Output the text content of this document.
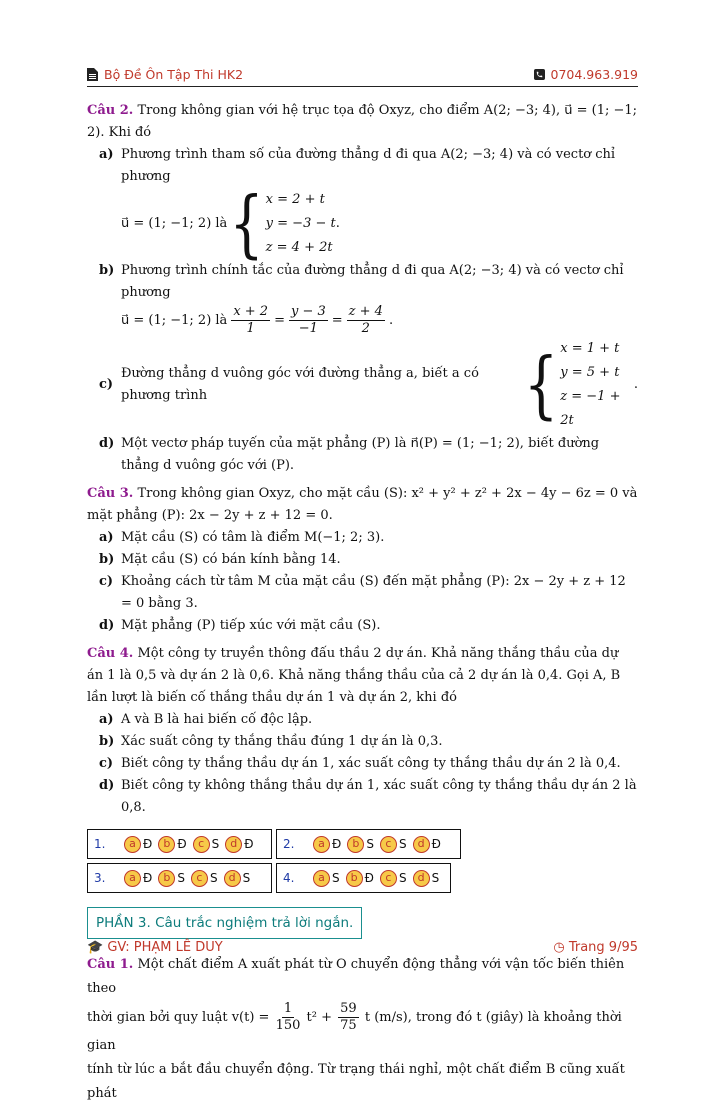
Bộ Đề Ôn Tập Thi HK2	0704.963.919
Câu 2. Trong không gian với hệ trục tọa độ Oxyz, cho điểm A(2; −3; 4), u⃗ = (1; −1; 2). Khi đó
a) Phương trình tham số của đường thẳng d đi qua A(2; −3; 4) và có vectơ chỉ phương
u⃗ = (1; −1; 2) là { x = 2 + t
y = −3 − t
z = 4 + 2t
.
b) Phương trình chính tắc của đường thẳng d đi qua A(2; −3; 4) và có vectơ chỉ phương
u⃗ = (1; −1; 2) là $\frac{x + 2}{1} = \frac{y - 3}{-1} = \frac{z + 4}{2}$ .
c)
Đường thẳng d vuông góc với đường thẳng a, biết a có phương trình	{ x = 1 + t
y = 5 + t
z = −1 + 2t
.
d) Một vectơ pháp tuyến của mặt phẳng (P) là n⃗(P) = (1; −1; 2), biết đường thẳng d vuông góc với (P).
Câu 3. Trong không gian Oxyz, cho mặt cầu (S): x² + y² + z² + 2x − 4y − 6z = 0 và mặt phẳng (P): 2x − 2y + z + 12 = 0.
a) Mặt cầu (S) có tâm là điểm M(−1; 2; 3).
b) Mặt cầu (S) có bán kính bằng 14.
c) Khoảng cách từ tâm M của mặt cầu (S) đến mặt phẳng (P): 2x − 2y + z + 12 = 0 bằng 3.
d) Mặt phẳng (P) tiếp xúc với mặt cầu (S).
Câu 4. Một công ty truyền thông đấu thầu 2 dự án. Khả năng thắng thầu của dự án 1 là 0,5 và dự án 2 là 0,6. Khả năng thắng thầu của cả 2 dự án là 0,4. Gọi A, B lần lượt là biến cố thắng thầu dự án 1 và dự án 2, khi đó
a) A và B là hai biến cố độc lập.
b) Xác suất công ty thắng thầu đúng 1 dự án là 0,3.
c) Biết công ty thắng thầu dự án 1, xác suất công ty thắng thầu dự án 2 là 0,4.
d) Biết công ty không thắng thầu dự án 1, xác suất công ty thắng thầu dự án 2 là 0,8.
1.	a Đ	b Đ	c S	d Đ 2.	a Đ	b S	c S	d Đ
3.	a Đ	b S	c S	d S	4.	a S	b Đ	c S	d S
PHẦN 3. Câu trắc nghiệm trả lời ngắn.
Câu 1. Một chất điểm A xuất phát từ O chuyển động thẳng với vận tốc biến thiên theo
thời gian bởi quy luật $v(t) = \frac{1}{150} t^2 + \frac{59}{75}$ t (m/s), trong đó t (giây) là khoảng thời gian
tính từ lúc a bắt đầu chuyển động. Từ trạng thái nghỉ, một chất điểm B cũng xuất phát
🎓 GV: PHẠM LÊ DUY	◷ Trang 9/95
